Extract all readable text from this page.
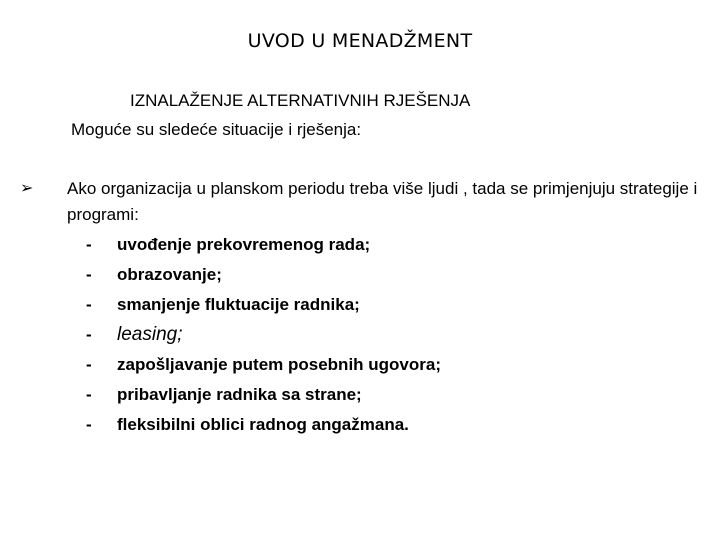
UVOD U MENADŽMENT
IZNALAŽENJE ALTERNATIVNIH RJEŠENJA
Moguće su sledeće situacije i rješenja:
➢ Ako organizacija u planskom periodu treba više ljudi , tada se primjenjuju strategije i programi:
-	uvođenje prekovremenog rada;
-	obrazovanje;
-	smanjenje fluktuacije radnika;
-	leasing;
-	zapošljavanje putem posebnih ugovora;
-	pribavljanje radnika sa strane;
-	fleksibilni oblici radnog angažmana.
